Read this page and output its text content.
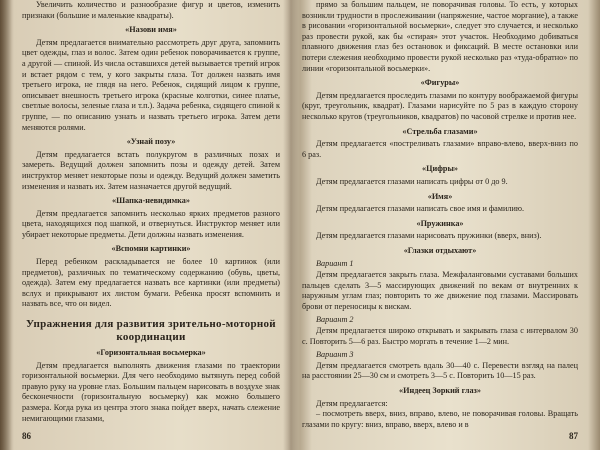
Увеличить количество и разнообразие фигур и цветов, изменить признаки (большие и маленькие квадраты).

«Назови имя»

Детям предлагается внимательно рассмотреть друг друга, запомнить цвет одежды, глаз и волос. Затем один ребенок поворачивается к группе, а другой — спиной. Из числа оставшихся детей вызывается третий игрок и встает рядом с тем, у кого закрыты глаза. Тот должен назвать имя третьего игрока, не глядя на него. Ребенок, сидящий лицом к группе, описывает внешность третьего игрока (красные колготки, синее платье, светлые волосы, зеленые глаза и т.п.). Задача ребенка, сидящего спиной к группе, — по описанию узнать и назвать третьего игрока. Затем дети меняются ролями.

«Узнай позу»

Детям предлагается встать полукругом в различных позах и замереть. Ведущий должен запомнить позы и одежду детей. Затем инструктор меняет некоторые позы и одежду. Ведущий должен заметить изменения и назвать их. Затем назначается другой ведущий.

«Шапка-невидимка»

Детям предлагается запомнить несколько ярких предметов разного цвета, находящихся под шапкой, и отвернуться. Инструктор меняет или убирает некоторые предметы. Дети должны назвать изменения.

«Вспомни картинки»

Перед ребенком раскладывается не более 10 картинок (или предметов), различных по тематическому содержанию (обувь, цветы, одежда). Затем ему предлагается назвать все картинки (или предметы) вслух и прикрывают их листом бумаги. Ребенка просят вспомнить и назвать все, что он видел.

Упражнения для развития зрительно-моторной координации
«Горизонтальная восьмерка»

Детям предлагается выполнять движения глазами по траектории горизонтальной восьмерки. Для чего необходимо вытянуть перед собой правую руку на уровне глаз. Большим пальцем нарисовать в воздухе знак бесконечности (горизонтальную восьмерку) как можно большего размера. Когда рука из центра этого знака пойдет вверх, начать слежение немигающими глазами,

86

прямо за большим пальцем, не поворачивая головы. То есть, у которых возникли трудности в прослеживании (напряжение, частое моргание), а также в рисовании «горизонтальной восьмерки», следует это случается, и несколько раз провести рукой, как бы «стирая» этот участок. Необходимо добиваться плавного движения глаз без остановок и фиксаций. В месте остановки или потери слежения необходимо провести рукой несколько раз «туда-обратно» по линии «горизонтальной восьмерки».

«Фигуры»

Детям предлагается проследить глазами по контуру воображаемой фигуры (круг, треугольник, квадрат). Глазами нарисуйте по 5 раз в каждую сторону несколько кругов (треугольников, квадратов) по часовой стрелке и против нее.

«Стрельба глазами»

Детям предлагается «постреливать глазами» вправо-влево, вверх-вниз по 6 раз.

«Цифры»

Детям предлагается глазами написать цифры от 0 до 9.

«Имя»

Детям предлагается глазами написать свое имя и фамилию.

«Пружинка»

Детям предлагается глазами нарисовать пружинки (вверх, вниз).

«Глазки отдыхают»
Вариант 1

Детям предлагается закрыть глаза. Межфаланговыми суставами больших пальцев сделать 3—5 массирующих движений по векам от внутренних к наружным углам глаз; повторить то же движение под глазами. Массировать брови от переносицы к вискам.

Вариант 2

Детям предлагается широко открывать и закрывать глаза с интервалом 30 с. Повторить 5—6 раз. Быстро моргать в течение 1—2 мин.

Вариант 3

Детям предлагается смотреть вдаль 30—40 с. Перевести взгляд на палец на расстоянии 25—30 см и смотреть 3—5 с. Повторить 10—15 раз.

«Индеец Зоркий глаз»

Детям предлагается:

– посмотреть вверх, вниз, вправо, влево, не поворачивая головы. Вращать глазами по кругу: вниз, вправо, вверх, влево и в

87
